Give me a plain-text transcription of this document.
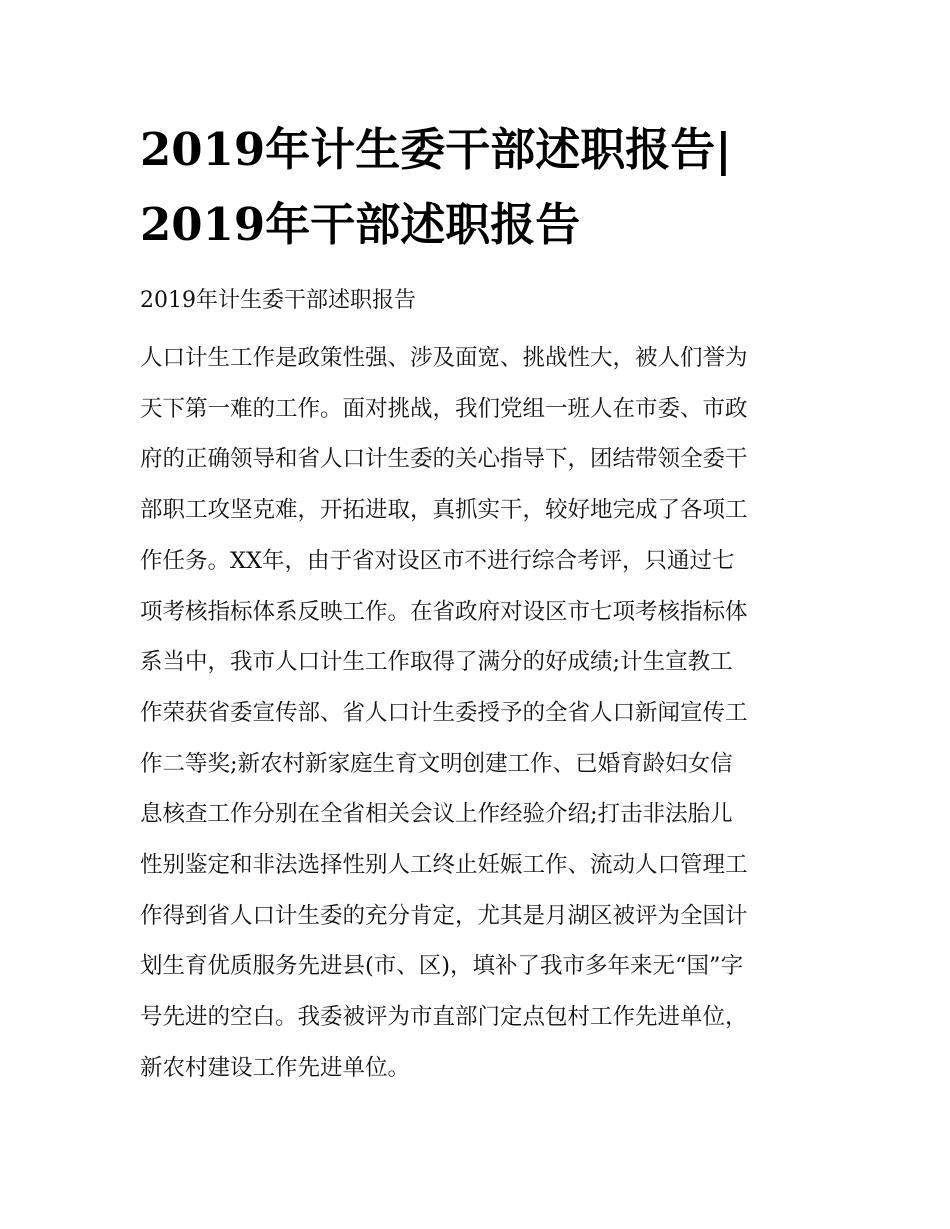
2019年计生委干部述职报告|
2019年干部述职报告

2019年计生委干部述职报告

人口计生工作是政策性强、涉及面宽、挑战性大，被人们誉为
天下第一难的工作。面对挑战，我们党组一班人在市委、市政
府的正确领导和省人口计生委的关心指导下，团结带领全委干
部职工攻坚克难，开拓进取，真抓实干，较好地完成了各项工
作任务。XX年，由于省对设区市不进行综合考评，只通过七
项考核指标体系反映工作。在省政府对设区市七项考核指标体
系当中，我市人口计生工作取得了满分的好成绩;计生宣教工
作荣获省委宣传部、省人口计生委授予的全省人口新闻宣传工
作二等奖;新农村新家庭生育文明创建工作、已婚育龄妇女信
息核查工作分别在全省相关会议上作经验介绍;打击非法胎儿
性别鉴定和非法选择性别人工终止妊娠工作、流动人口管理工
作得到省人口计生委的充分肯定，尤其是月湖区被评为全国计
划生育优质服务先进县(市、区)，填补了我市多年来无“国”字
号先进的空白。我委被评为市直部门定点包村工作先进单位，
新农村建设工作先进单位。
